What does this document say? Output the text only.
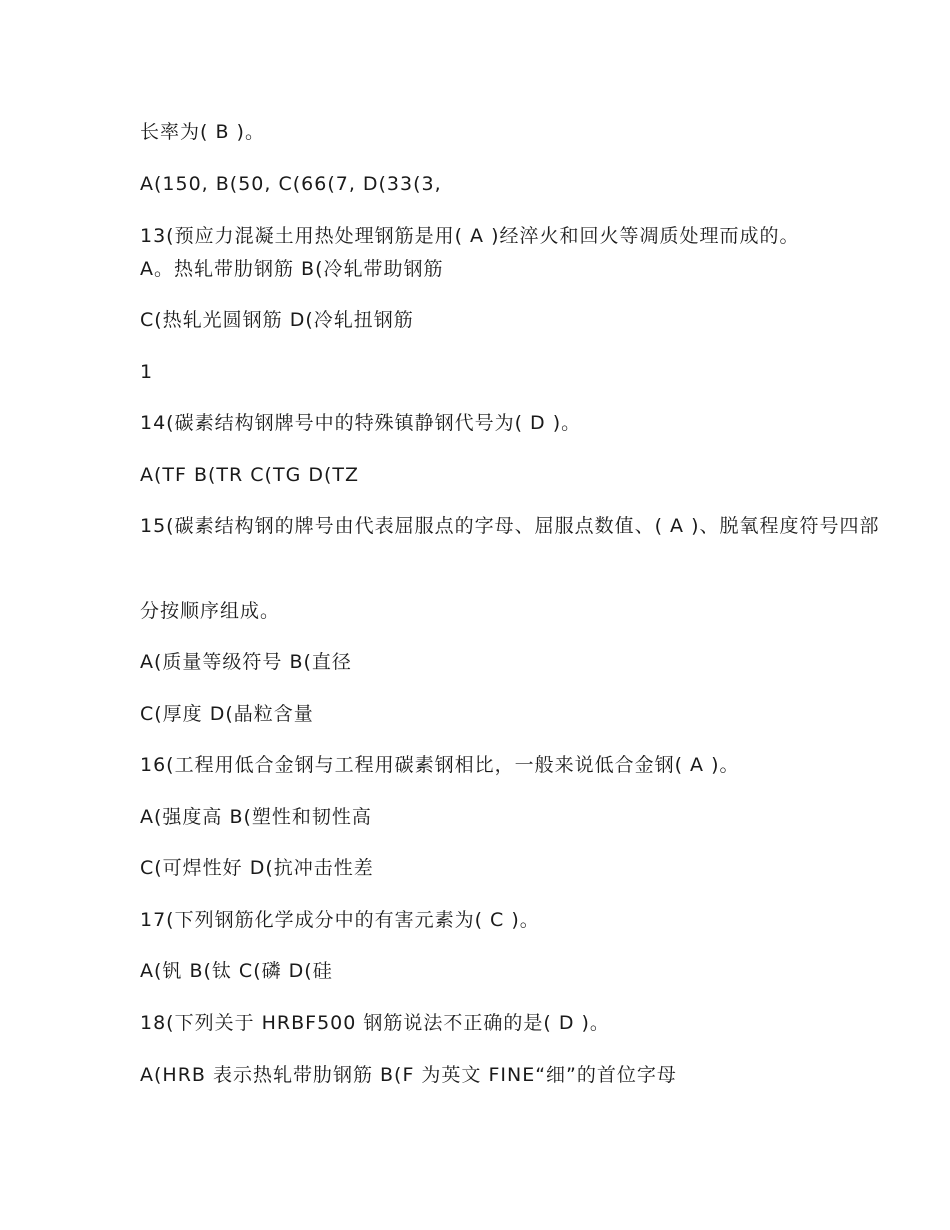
长率为( B )。
A(150, B(50, C(66(7, D(33(3,
13(预应力混凝土用热处理钢筋是用( A )经淬火和回火等凋质处理而成的。 A。热轧带肋钢筋 B(冷轧带助钢筋
C(热轧光圆钢筋 D(冷轧扭钢筋
1
14(碳素结构钢牌号中的特殊镇静钢代号为( D )。
A(TF B(TR C(TG D(TZ
15(碳素结构钢的牌号由代表屈服点的字母、屈服点数值、( A )、脱氧程度符号四部
分按顺序组成。
A(质量等级符号 B(直径
C(厚度 D(晶粒含量
16(工程用低合金钢与工程用碳素钢相比，一般来说低合金钢( A )。
A(强度高 B(塑性和韧性高
C(可焊性好 D(抗冲击性差
17(下列钢筋化学成分中的有害元素为( C )。
A(钒 B(钛 C(磷 D(硅
18(下列关于 HRBF500 钢筋说法不正确的是( D )。
A(HRB 表示热轧带肋钢筋 B(F 为英文 FINE“细”的首位字母
